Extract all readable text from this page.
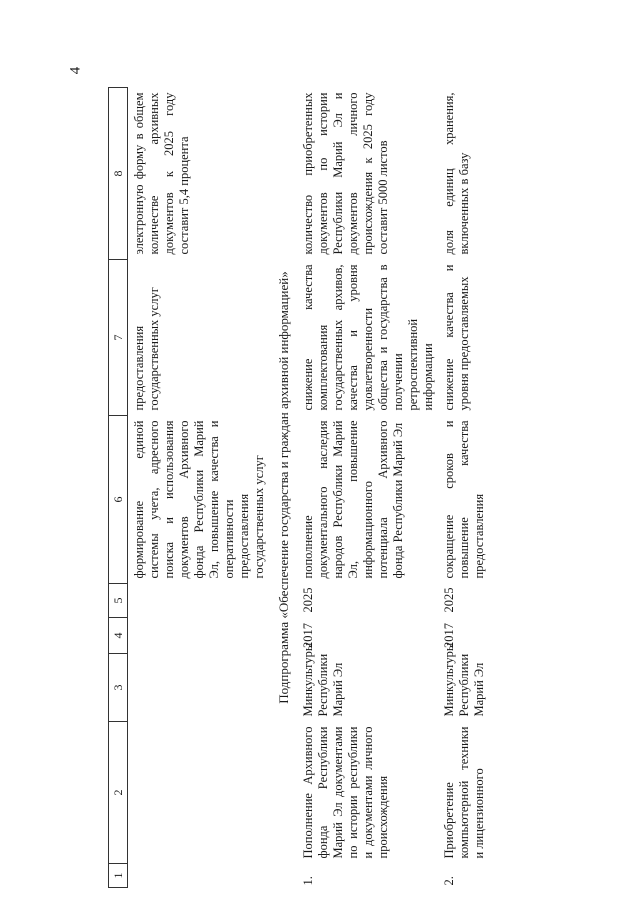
4
1	2	3	4	5	6	7	8
					формирование единой системы учета, адресного поиска и использования документов Архивного фонда Республики Марий Эл, повышение качества и оперативности предоставления государственных услуг	предоставления государственных услуг	электронную форму в общем количестве архивных документов к 2025 году составит 5,4 процента
Подпрограмма «Обеспечение государства и граждан архивной информацией»							
1.	Пополнение Архивного фонда Республики Марий Эл документами по истории республики и документами личного происхождения	Минкультуры Республики Марий Эл	2017	2025	пополнение документального наследия народов Республики Марий Эл, повышение информационного потенциала Архивного фонда Республики Марий Эл	снижение качества комплектования государственных архивов, качества и уровня удовлетворенности общества и государства в получении ретроспективной информации	количество приобретенных документов по истории Республики Марий Эл и документов личного происхождения к 2025 году составит 5000 листов
2.	Приобретение компьютерной техники и лицензионного	Минкультуры Республики Марий Эл	2017	2025	сокращение сроков и повышение качества предоставления	снижение качества и уровня предоставляемых	доля единиц хранения, включенных в базу
